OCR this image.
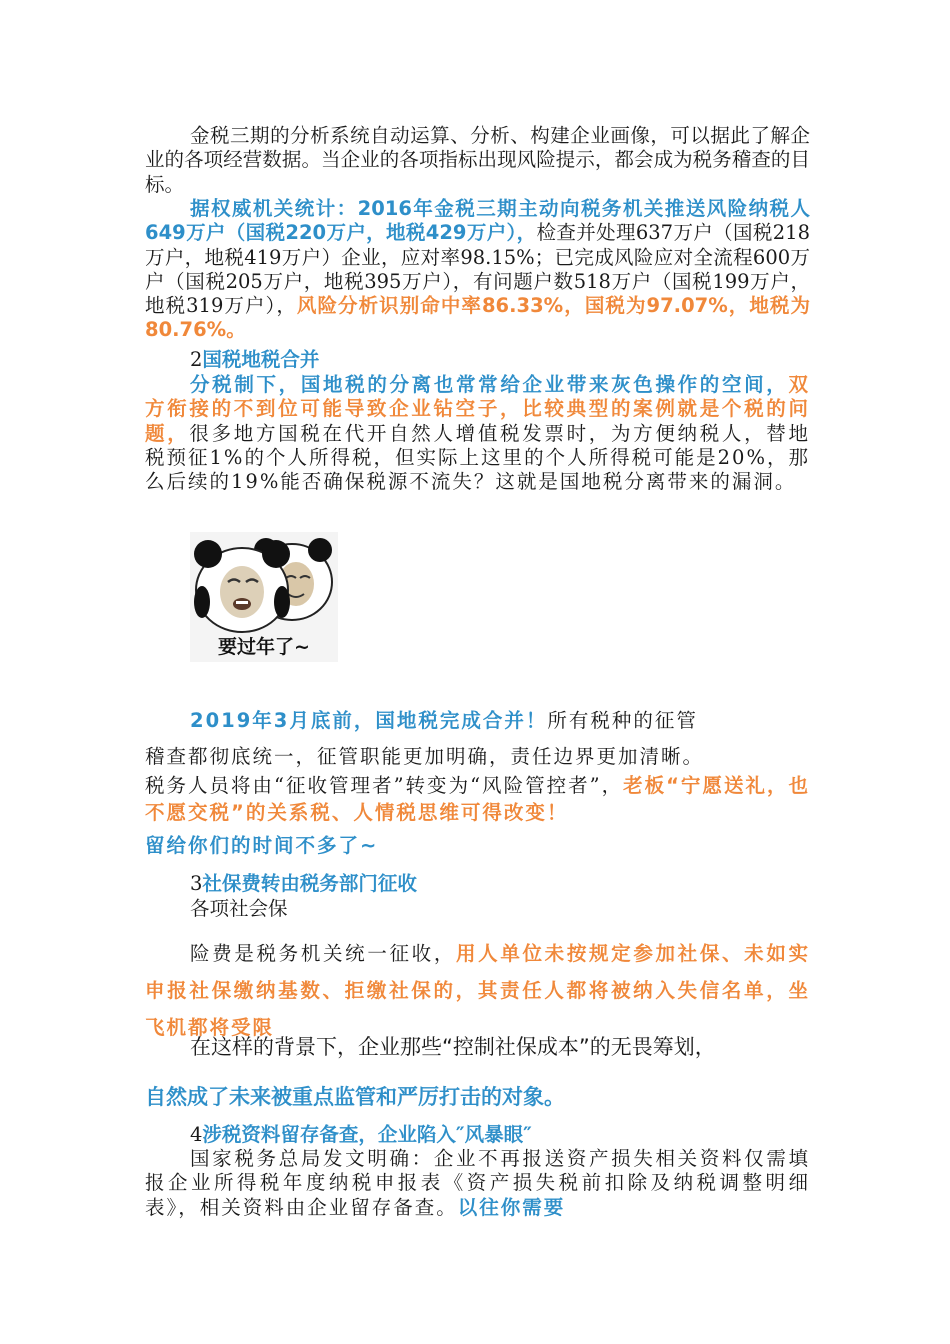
金税三期的分析系统自动运算、分析、构建企业画像，可以据此了解企业的各项经营数据。当企业的各项指标出现风险提示，都会成为税务稽查的目标。

据权威机关统计：2016年金税三期主动向税务机关推送风险纳税人649万户（国税220万户，地税429万户），检查并处理637万户（国税218万户，地税419万户）企业，应对率98.15%；已完成风险应对全流程600万户（国税205万户，地税395万户），有问题户数518万户（国税199万户，地税319万户），风险分析识别命中率86.33%，国税为97.07%，地税为80.76%。

2国税地税合并

分税制下，国地税的分离也常常给企业带来灰色操作的空间，双方衔接的不到位可能导致企业钻空子，比较典型的案例就是个税的问题，很多地方国税在代开自然人增值税发票时，为方便纳税人，替地税预征1%的个人所得税，但实际上这里的个人所得税可能是20%，那么后续的19%能否确保税源不流失？这就是国地税分离带来的漏洞。

要过年了~

2019年3月底前，国地税完成合并！所有税种的征管

稽查都彻底统一，征管职能更加明确，责任边界更加清晰。

税务人员将由“征收管理者”转变为“风险管控者”，老板“宁愿送礼，也不愿交税”的关系税、人情税思维可得改变！

留给你们的时间不多了~

3社保费转由税务部门征收

各项社会保

险费是税务机关统一征收，用人单位未按规定参加社保、未如实申报社保缴纳基数、拒缴社保的，其责任人都将被纳入失信名单，坐飞机都将受限

在这样的背景下，企业那些“控制社保成本”的无畏筹划，

自然成了未来被重点监管和严厉打击的对象。

4涉税资料留存备查，企业陷入″风暴眼″

国家税务总局发文明确：企业不再报送资产损失相关资料仅需填报企业所得税年度纳税申报表《资产损失税前扣除及纳税调整明细表》，相关资料由企业留存备查。以往你需要
